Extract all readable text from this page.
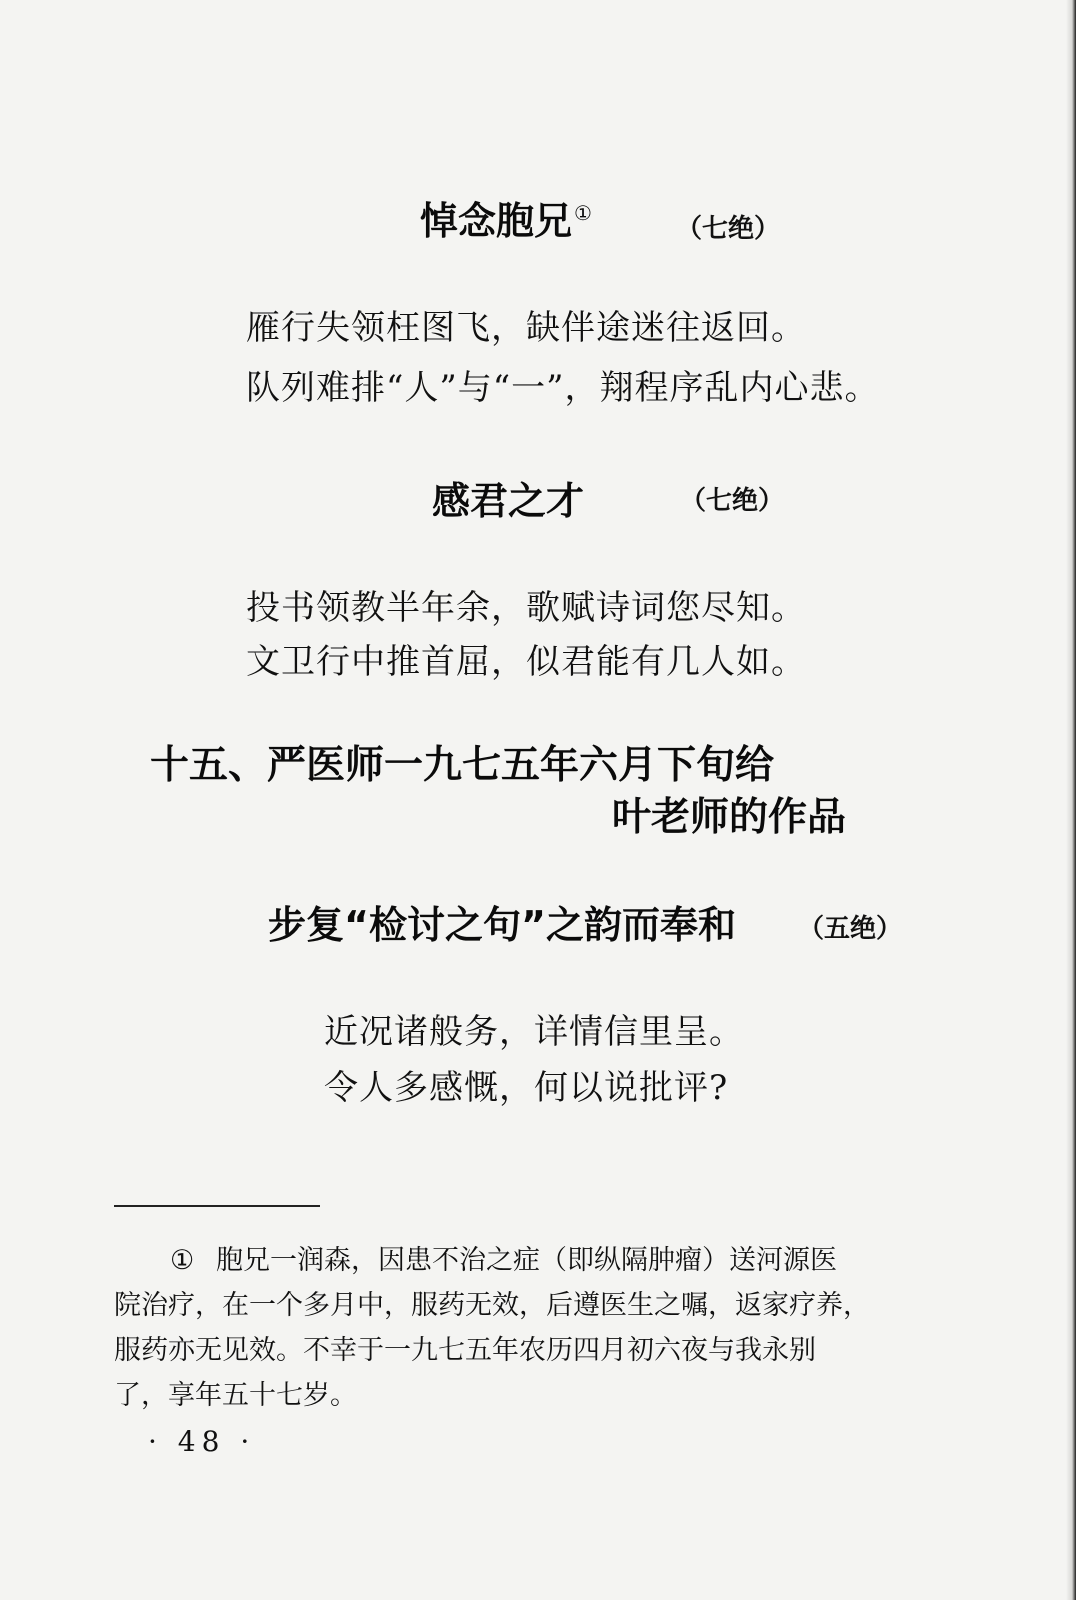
悼念胞兄 ①
（七绝）
雁行失领枉图飞，缺伴途迷往返回。
队列难排“人”与“一”，翔程序乱内心悲。
感君之才	（七绝）
投书领教半年余，歌赋诗词您尽知。
文卫行中推首屈，似君能有几人如。
十五、严医师一九七五年六月下旬给
叶老师的作品
步复“检讨之句”之韵而奉和 （五绝）
近况诸般务，详情信里呈。
令人多感慨，何以说批评?

① 胞兄一润森，因患不治之症（即纵隔肿瘤）送河源医

院治疗，在一个多月中，服药无效，后遵医生之嘱，返家疗养，

服药亦无见效。不幸于一九七五年农历四月初六夜与我永别

了，享年五十七岁。

· 48 ·
